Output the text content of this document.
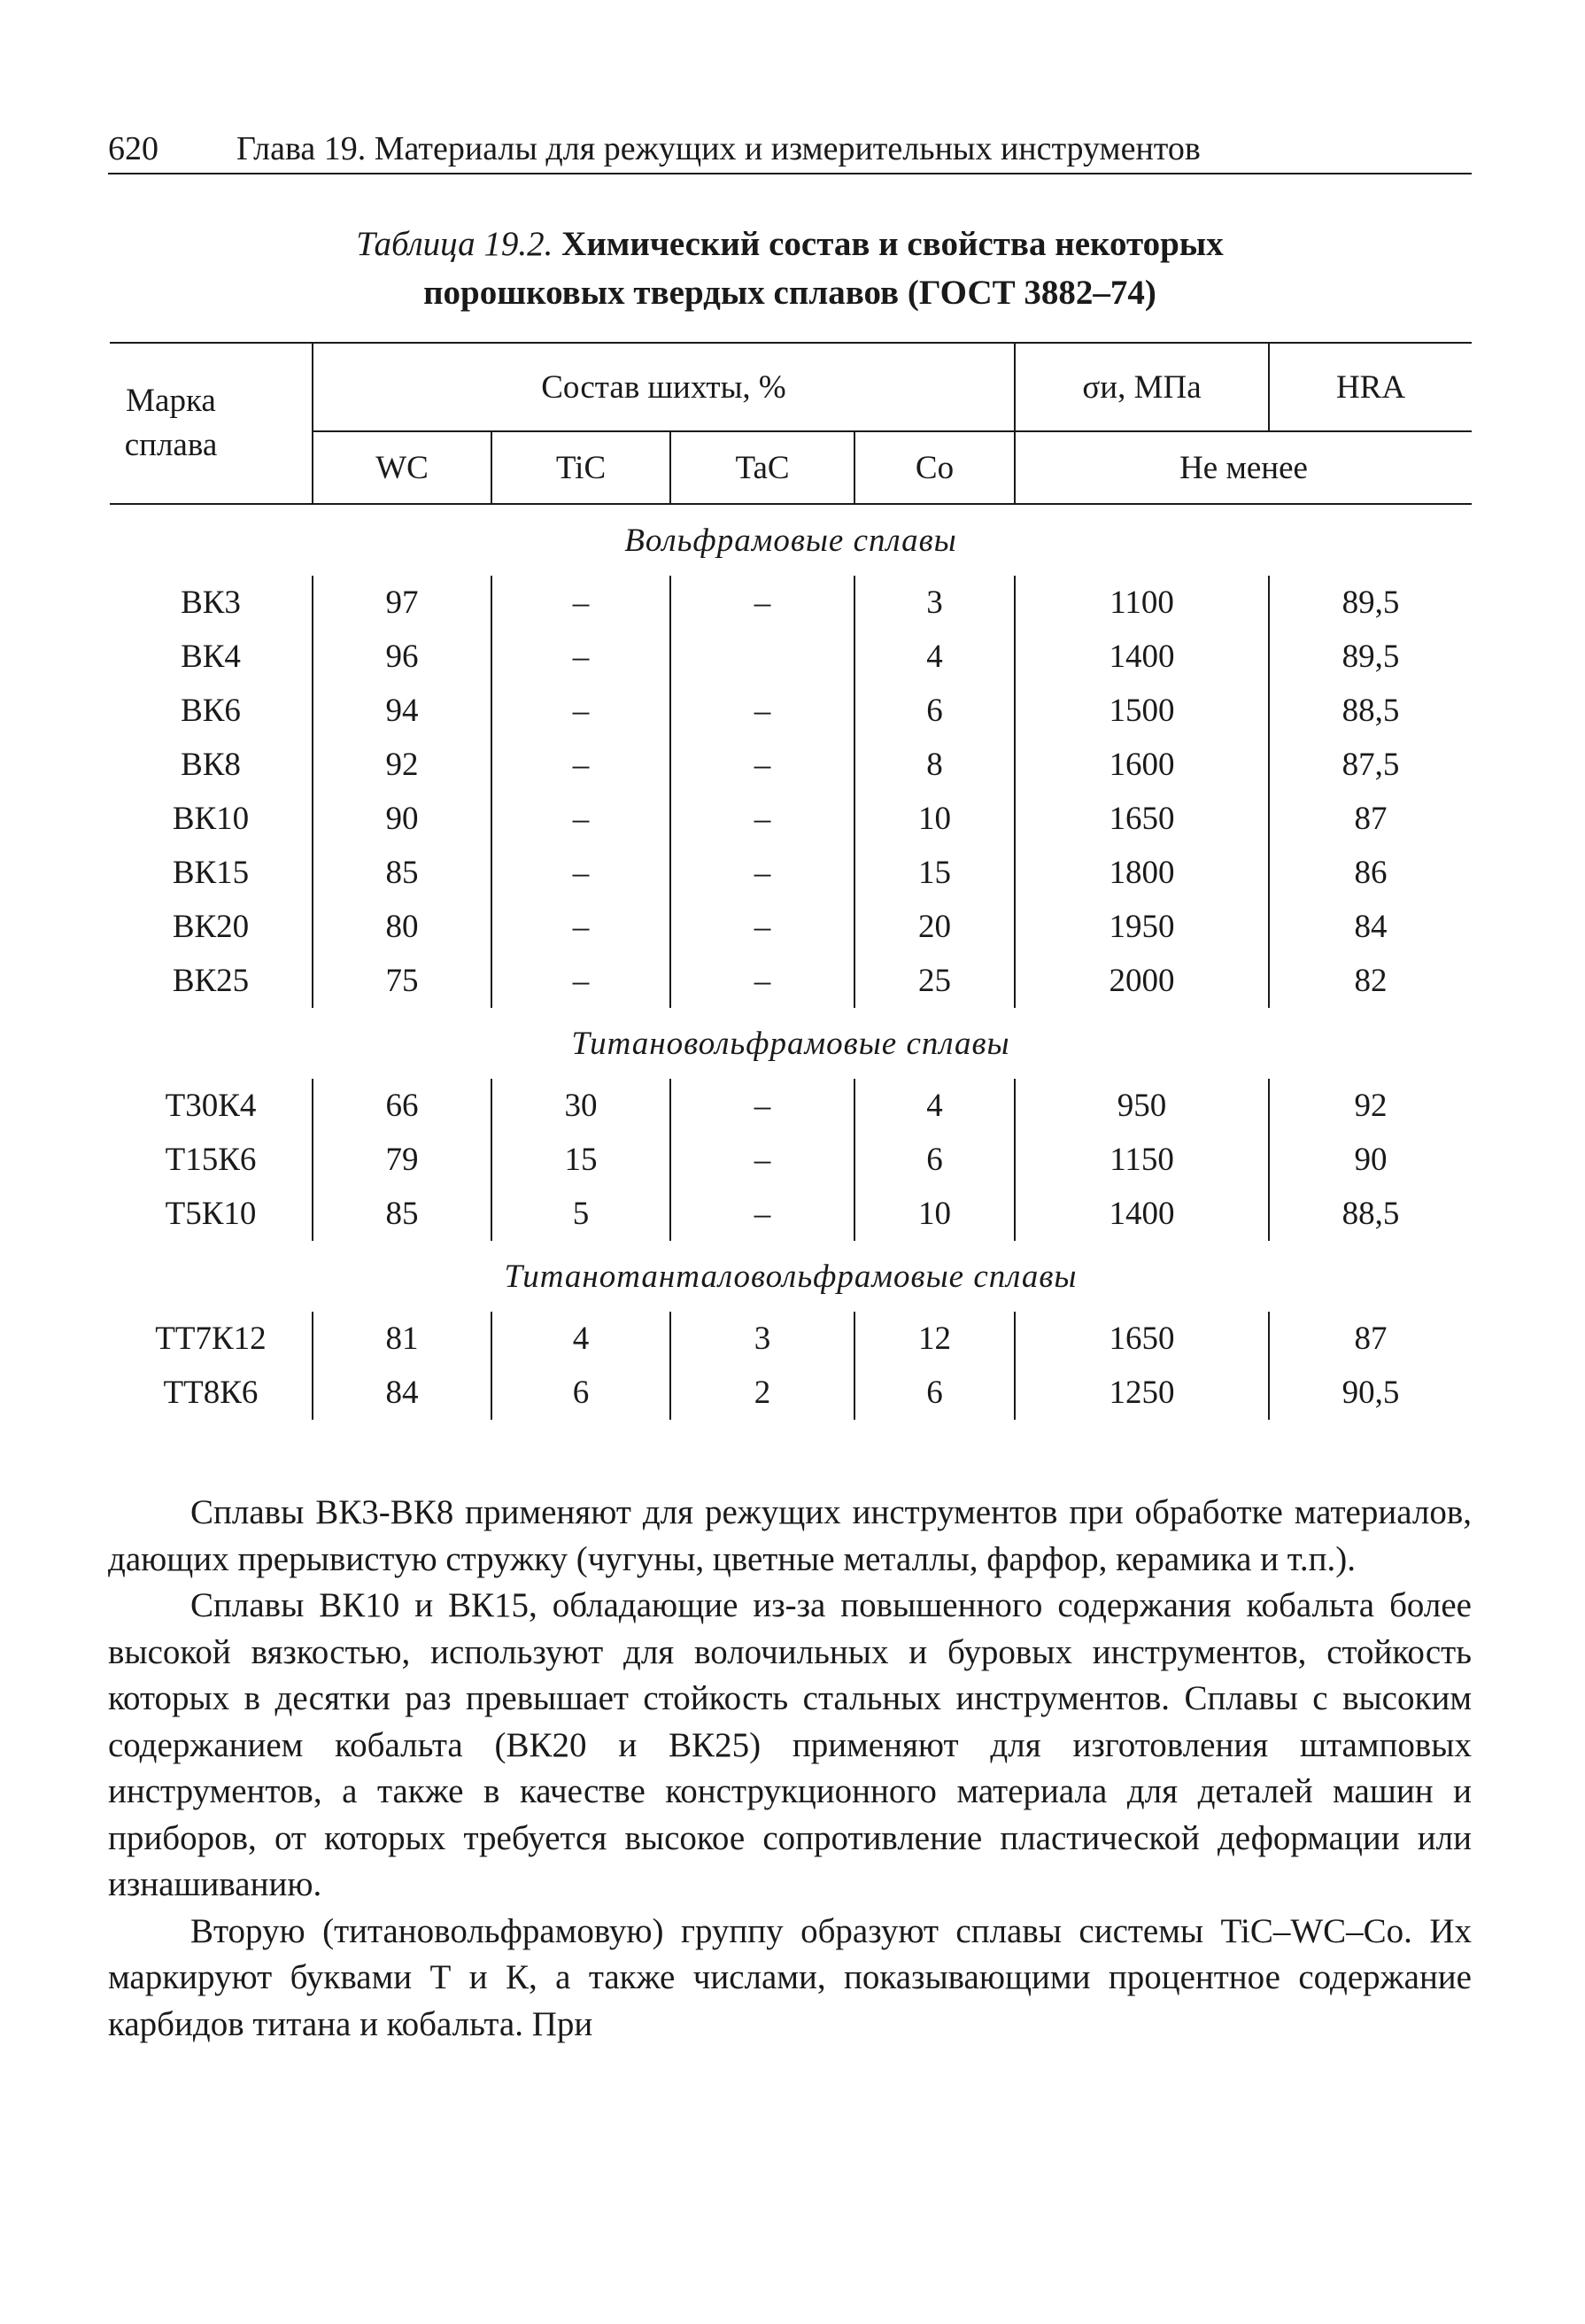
620 Глава 19. Материалы для режущих и измерительных инструментов
Таблица 19.2. Химический состав и свойства некоторых
порошковых твердых сплавов (ГОСТ 3882–74)
Марка сплава	Состав шихты, %				σи, МПа	HRA
	WC	TiC	TaC	Co	Не менее	
Вольфрамовые сплавы						
ВК3	97	–	–	3	1100	89,5
ВК4	96	–		4	1400	89,5
ВК6	94	–	–	6	1500	88,5
ВК8	92	–	–	8	1600	87,5
ВК10	90	–	–	10	1650	87
ВК15	85	–	–	15	1800	86
ВК20	80	–	–	20	1950	84
ВК25	75	–	–	25	2000	82
Титановольфрамовые сплавы						
Т30К4	66	30	–	4	950	92
Т15К6	79	15	–	6	1150	90
Т5К10	85	5	–	10	1400	88,5
Титанотанталовольфрамовые сплавы						
ТТ7К12	81	4	3	12	1650	87
ТТ8К6	84	6	2	6	1250	90,5

Сплавы ВК3-ВК8 применяют для режущих инструментов при обработке материалов, дающих прерывистую стружку (чугуны, цветные металлы, фарфор, керамика и т.п.).

Сплавы ВК10 и ВК15, обладающие из-за повышенного содержания кобальта более высокой вязкостью, используют для волочильных и буровых инструментов, стойкость которых в десятки раз превышает стойкость стальных инструментов. Сплавы с высоким содержанием кобальта (ВК20 и ВК25) применяют для изготовления штамповых инструментов, а также в качестве конструкционного материала для деталей машин и приборов, от которых требуется высокое сопротивление пластической деформации или изнашиванию.

Вторую (титановольфрамовую) группу образуют сплавы системы TiC–WC–Co. Их маркируют буквами Т и К, а также числами, показывающими процентное содержание карбидов титана и кобальта. При
